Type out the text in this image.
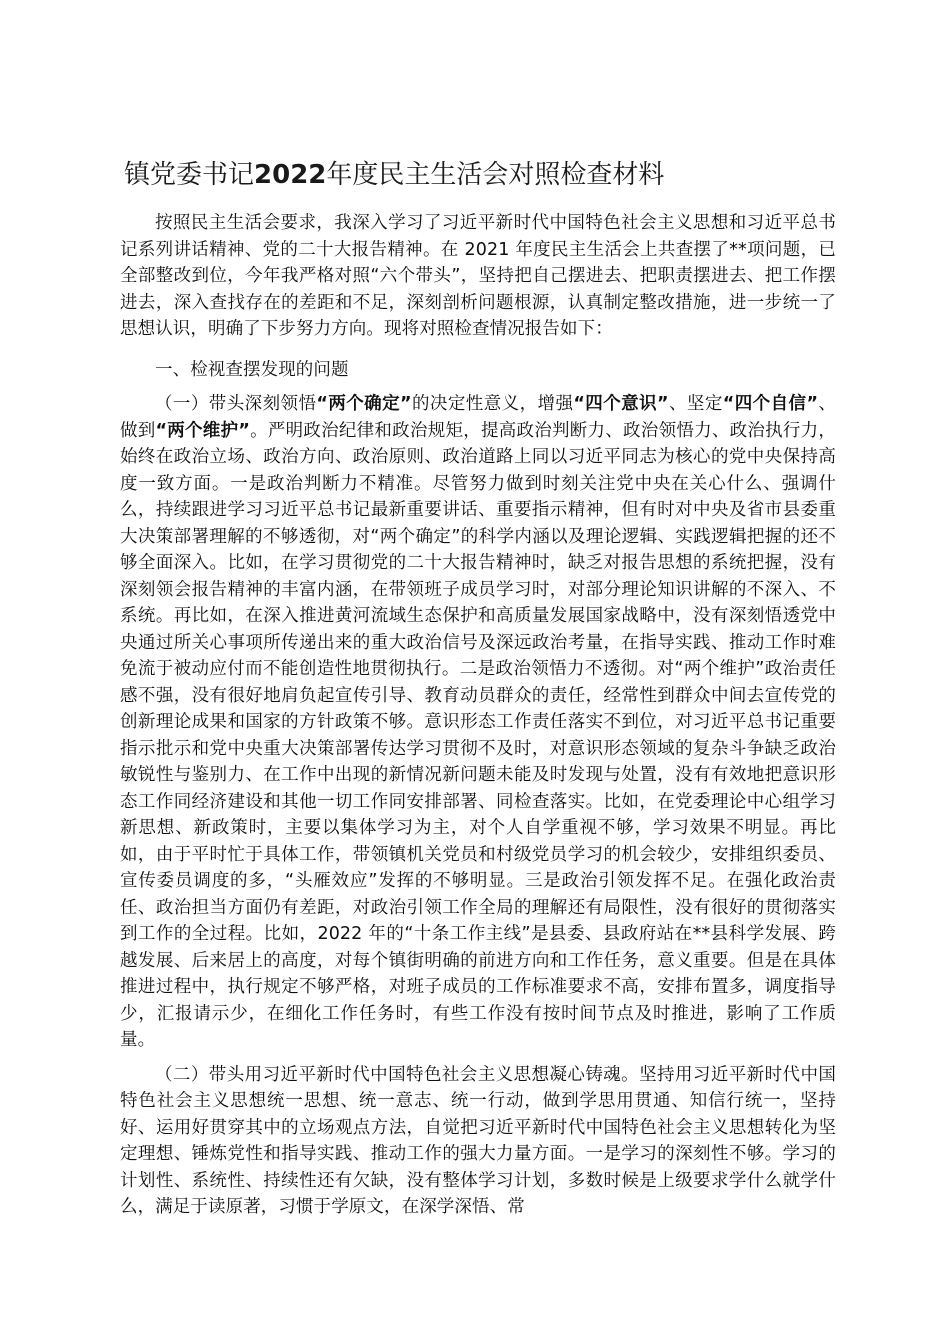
镇党委书记2022年度民主生活会对照检查材料

按照民主生活会要求，我深入学习了习近平新时代中国特色社会主义思想和习近平总书记系列讲话精神、党的二十大报告精神。在 2021 年度民主生活会上共查摆了**项问题，已全部整改到位，今年我严格对照“六个带头”，坚持把自己摆进去、把职责摆进去、把工作摆进去，深入查找存在的差距和不足，深刻剖析问题根源，认真制定整改措施，进一步统一了思想认识，明确了下步努力方向。现将对照检查情况报告如下：

一、检视查摆发现的问题

（一）带头深刻领悟“两个确定”的决定性意义，增强“四个意识”、坚定“四个自信”、做到“两个维护”。严明政治纪律和政治规矩，提高政治判断力、政治领悟力、政治执行力，始终在政治立场、政治方向、政治原则、政治道路上同以习近平同志为核心的党中央保持高度一致方面。一是政治判断力不精准。尽管努力做到时刻关注党中央在关心什么、强调什么，持续跟进学习习近平总书记最新重要讲话、重要指示精神，但有时对中央及省市县委重大决策部署理解的不够透彻，对“两个确定”的科学内涵以及理论逻辑、实践逻辑把握的还不够全面深入。比如，在学习贯彻党的二十大报告精神时，缺乏对报告思想的系统把握，没有深刻领会报告精神的丰富内涵，在带领班子成员学习时，对部分理论知识讲解的不深入、不系统。再比如，在深入推进黄河流域生态保护和高质量发展国家战略中，没有深刻悟透党中央通过所关心事项所传递出来的重大政治信号及深远政治考量，在指导实践、推动工作时难免流于被动应付而不能创造性地贯彻执行。二是政治领悟力不透彻。对“两个维护”政治责任感不强，没有很好地肩负起宣传引导、教育动员群众的责任，经常性到群众中间去宣传党的创新理论成果和国家的方针政策不够。意识形态工作责任落实不到位，对习近平总书记重要指示批示和党中央重大决策部署传达学习贯彻不及时，对意识形态领域的复杂斗争缺乏政治敏锐性与鉴别力、在工作中出现的新情况新问题未能及时发现与处置，没有有效地把意识形态工作同经济建设和其他一切工作同安排部署、同检查落实。比如，在党委理论中心组学习新思想、新政策时，主要以集体学习为主，对个人自学重视不够，学习效果不明显。再比如，由于平时忙于具体工作，带领镇机关党员和村级党员学习的机会较少，安排组织委员、宣传委员调度的多，“头雁效应”发挥的不够明显。三是政治引领发挥不足。在强化政治责任、政治担当方面仍有差距，对政治引领工作全局的理解还有局限性，没有很好的贯彻落实到工作的全过程。比如，2022 年的“十条工作主线”是县委、县政府站在**县科学发展、跨越发展、后来居上的高度，对每个镇街明确的前进方向和工作任务，意义重要。但是在具体推进过程中，执行规定不够严格，对班子成员的工作标准要求不高，安排布置多，调度指导少，汇报请示少，在细化工作任务时，有些工作没有按时间节点及时推进，影响了工作质量。

（二）带头用习近平新时代中国特色社会主义思想凝心铸魂。坚持用习近平新时代中国特色社会主义思想统一思想、统一意志、统一行动，做到学思用贯通、知信行统一，坚持好、运用好贯穿其中的立场观点方法，自觉把习近平新时代中国特色社会主义思想转化为坚定理想、锤炼党性和指导实践、推动工作的强大力量方面。一是学习的深刻性不够。学习的计划性、系统性、持续性还有欠缺，没有整体学习计划，多数时候是上级要求学什么就学什么，满足于读原著，习惯于学原文，在深学深悟、常
